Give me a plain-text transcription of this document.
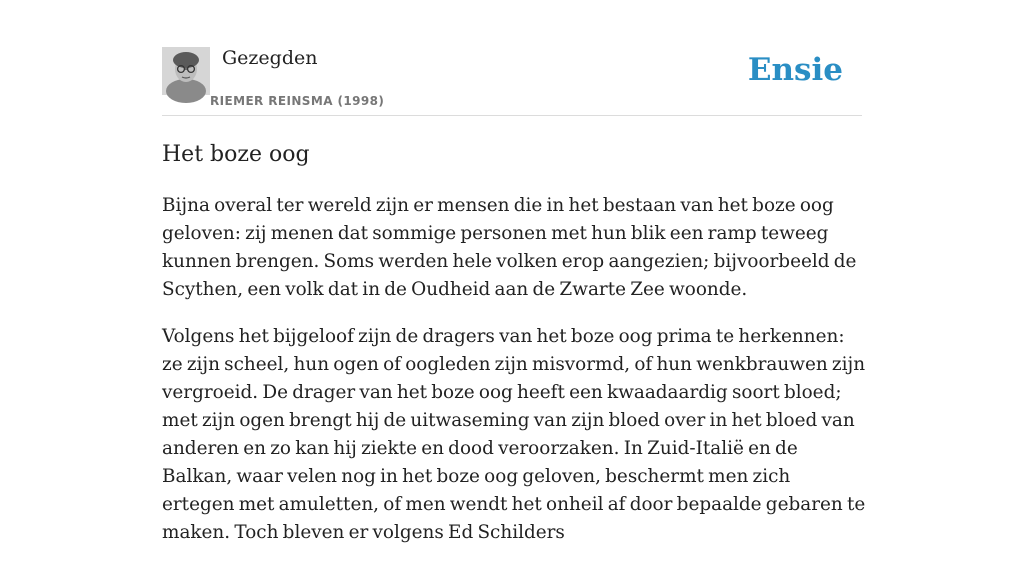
Gezegden
RIEMER REINSMA (1998)
Ensie
Het boze oog

Bijna overal ter wereld zijn er mensen die in het bestaan van het boze oog geloven: zij menen dat sommige personen met hun blik een ramp teweeg kunnen brengen. Soms werden hele volken erop aangezien; bijvoorbeeld de Scythen, een volk dat in de Oudheid aan de Zwarte Zee woonde.

Volgens het bijgeloof zijn de dragers van het boze oog prima te herkennen: ze zijn scheel, hun ogen of oogleden zijn misvormd, of hun wenkbrauwen zijn vergroeid. De drager van het boze oog heeft een kwaadaardig soort bloed; met zijn ogen brengt hij de uitwaseming van zijn bloed over in het bloed van anderen en zo kan hij ziekte en dood veroorzaken. In Zuid-Italië en de Balkan, waar velen nog in het boze oog geloven, beschermt men zich ertegen met amuletten, of men wendt het onheil af door bepaalde gebaren te maken. Toch bleven er volgens Ed Schilders
